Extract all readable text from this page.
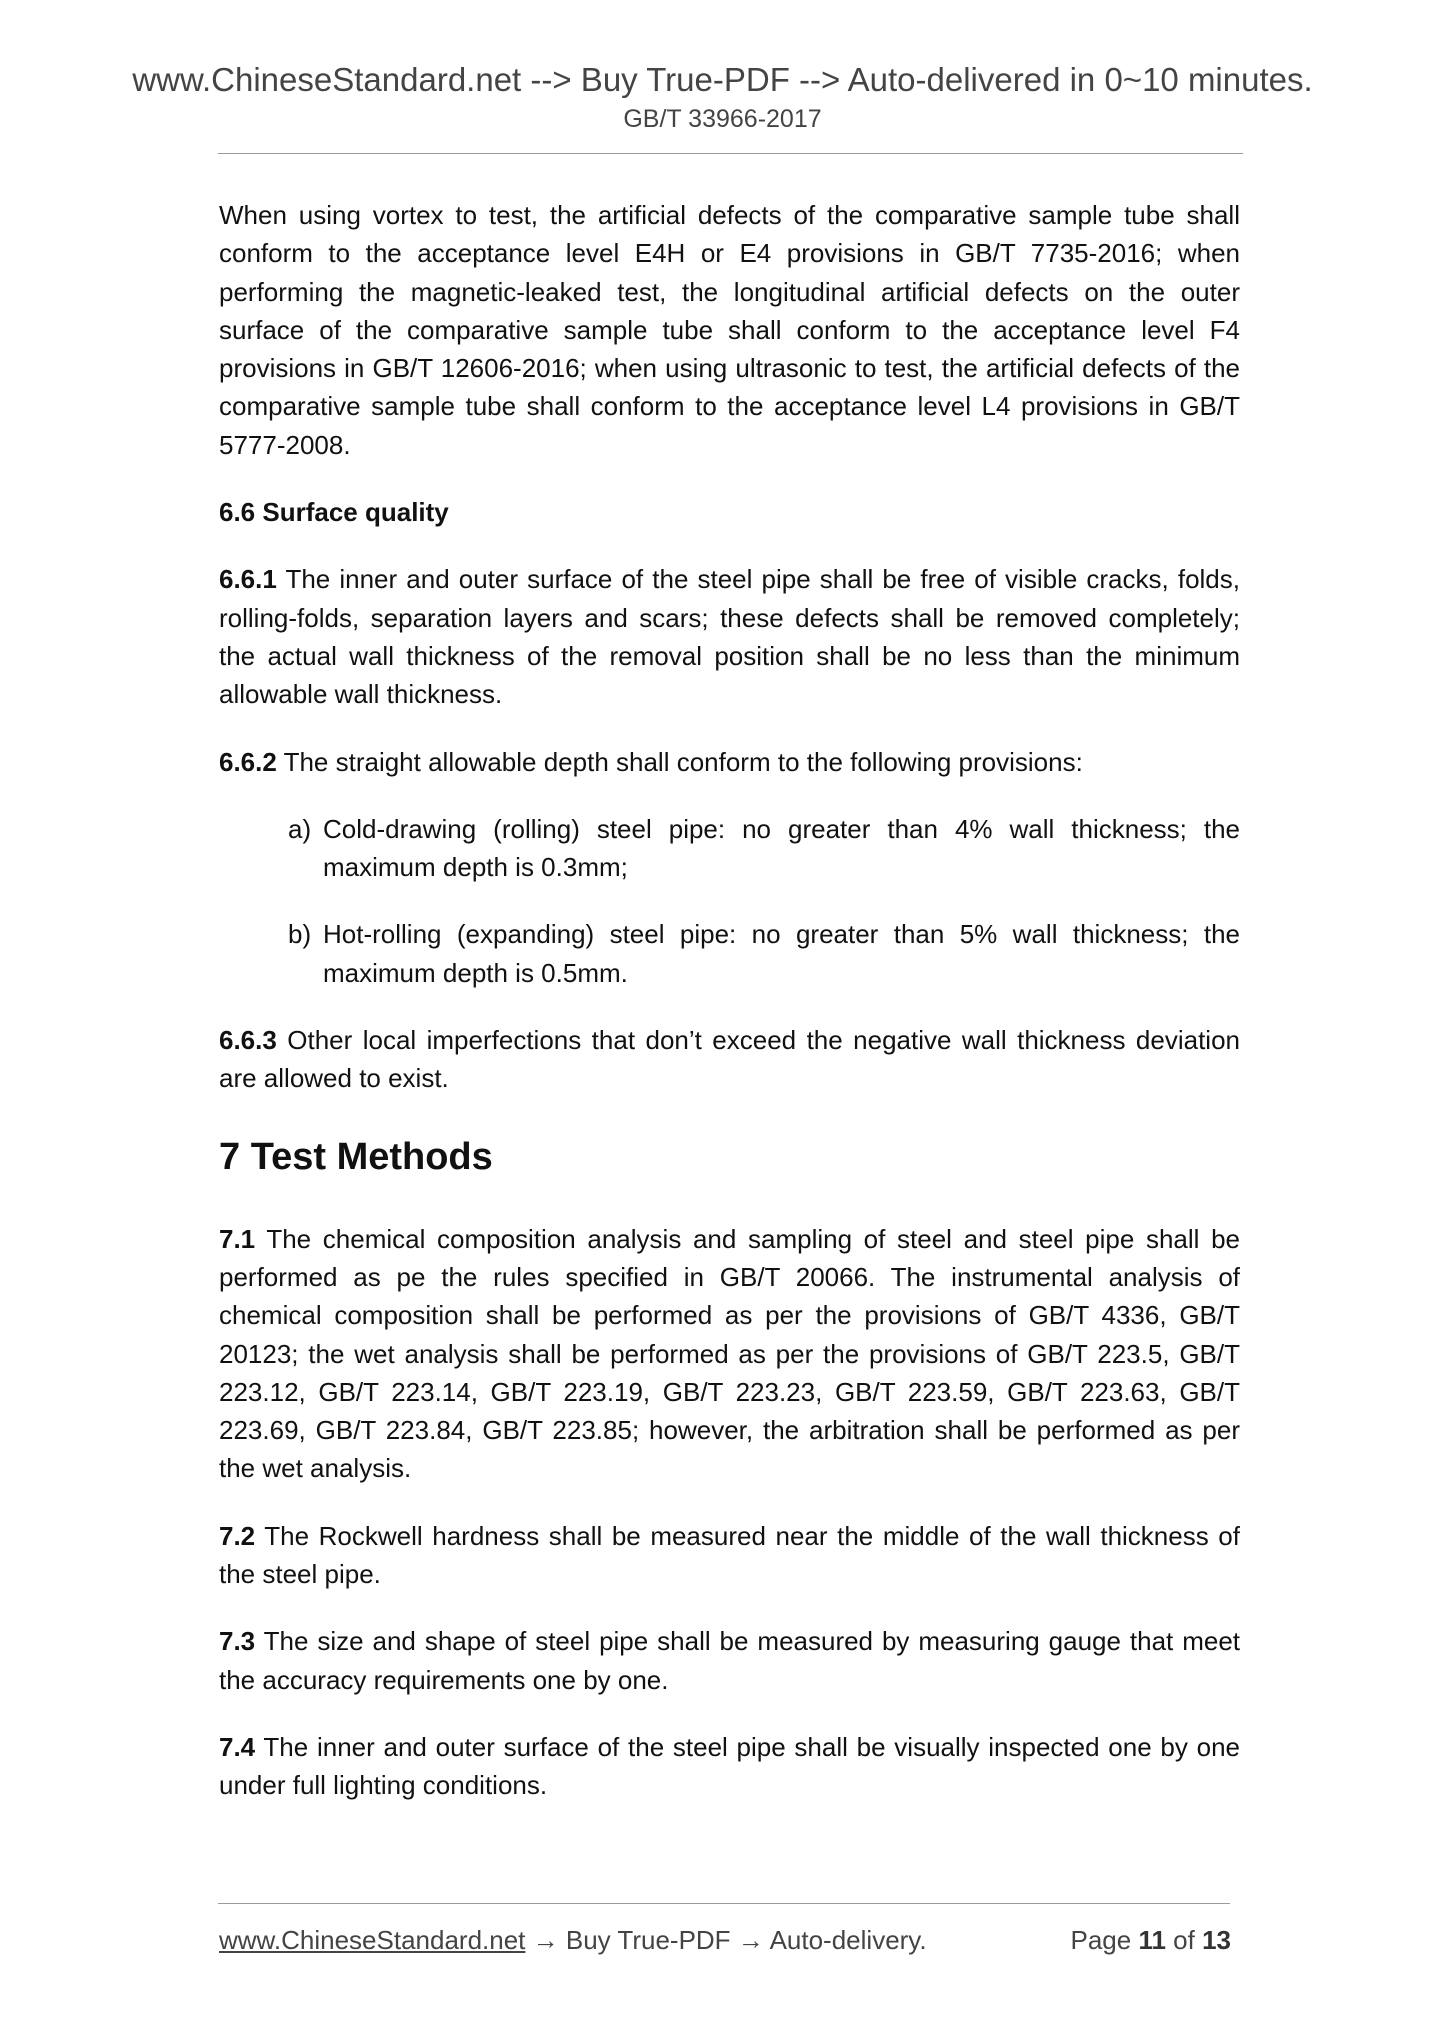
www.ChineseStandard.net --> Buy True-PDF --> Auto-delivered in 0~10 minutes.
GB/T 33966-2017

When using vortex to test, the artificial defects of the comparative sample tube shall conform to the acceptance level E4H or E4 provisions in GB/T 7735-2016; when performing the magnetic-leaked test, the longitudinal artificial defects on the outer surface of the comparative sample tube shall conform to the acceptance level F4 provisions in GB/T 12606-2016; when using ultrasonic to test, the artificial defects of the comparative sample tube shall conform to the acceptance level L4 provisions in GB/T 5777-2008.

6.6 Surface quality

6.6.1 The inner and outer surface of the steel pipe shall be free of visible cracks, folds, rolling-folds, separation layers and scars; these defects shall be removed completely; the actual wall thickness of the removal position shall be no less than the minimum allowable wall thickness.

6.6.2 The straight allowable depth shall conform to the following provisions:

a) Cold-drawing (rolling) steel pipe: no greater than 4% wall thickness; the maximum depth is 0.3mm;

b) Hot-rolling (expanding) steel pipe: no greater than 5% wall thickness; the maximum depth is 0.5mm.

6.6.3 Other local imperfections that don’t exceed the negative wall thickness deviation are allowed to exist.

7 Test Methods

7.1 The chemical composition analysis and sampling of steel and steel pipe shall be performed as pe the rules specified in GB/T 20066. The instrumental analysis of chemical composition shall be performed as per the provisions of GB/T 4336, GB/T 20123; the wet analysis shall be performed as per the provisions of GB/T 223.5, GB/T 223.12, GB/T 223.14, GB/T 223.19, GB/T 223.23, GB/T 223.59, GB/T 223.63, GB/T 223.69, GB/T 223.84, GB/T 223.85; however, the arbitration shall be performed as per the wet analysis.

7.2 The Rockwell hardness shall be measured near the middle of the wall thickness of the steel pipe.

7.3 The size and shape of steel pipe shall be measured by measuring gauge that meet the accuracy requirements one by one.

7.4 The inner and outer surface of the steel pipe shall be visually inspected one by one under full lighting conditions.

www.ChineseStandard.net → Buy True-PDF → Auto-delivery.	Page 11 of 13
